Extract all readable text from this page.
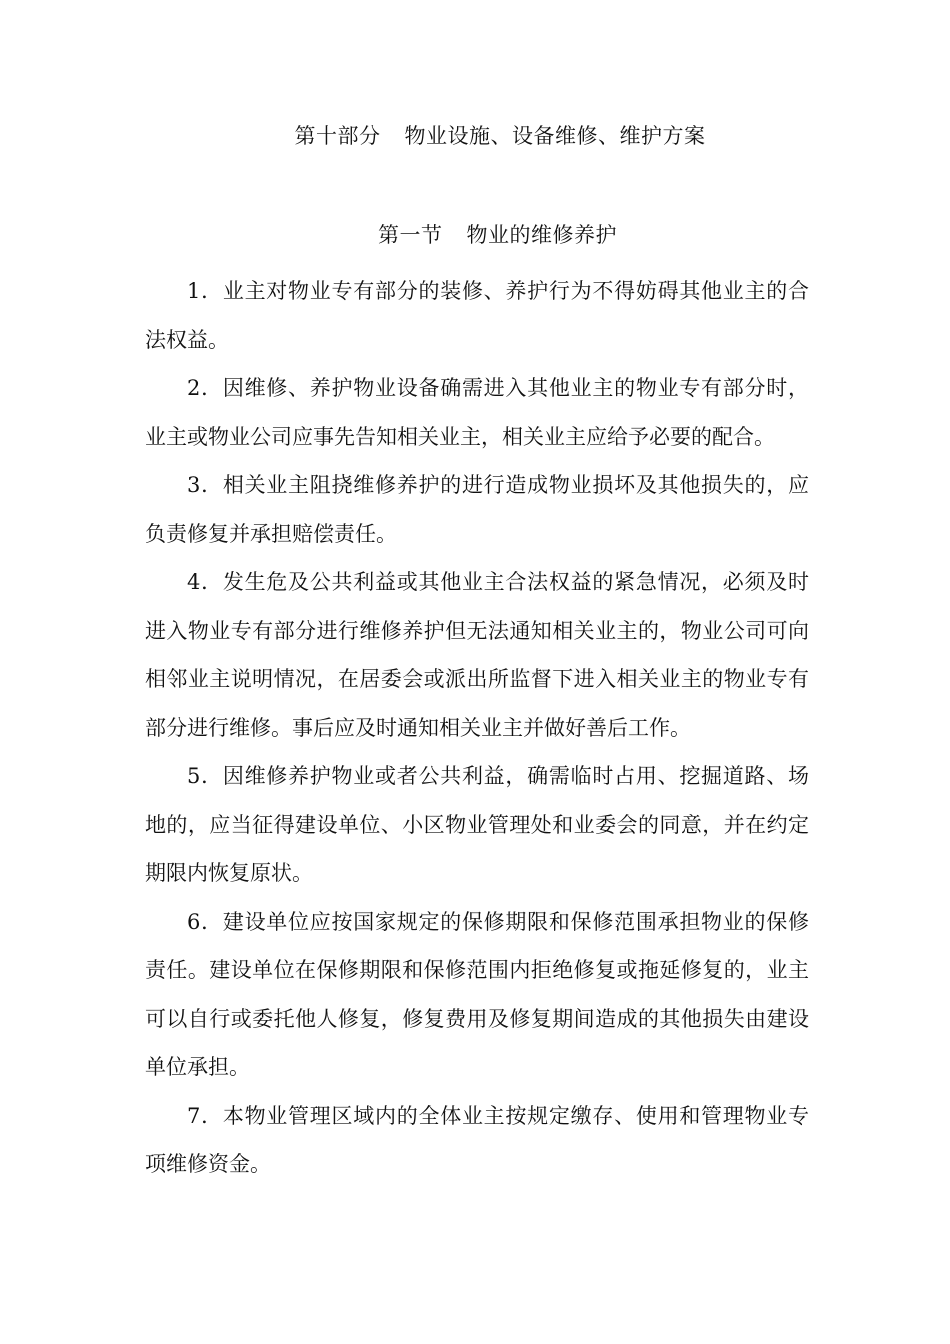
第十部分 物业设施、设备维修、维护方案
第一节 物业的维修养护

1．业主对物业专有部分的装修、养护行为不得妨碍其他业主的合法权益。

2．因维修、养护物业设备确需进入其他业主的物业专有部分时，业主或物业公司应事先告知相关业主，相关业主应给予必要的配合。

3．相关业主阻挠维修养护的进行造成物业损坏及其他损失的，应负责修复并承担赔偿责任。

4．发生危及公共利益或其他业主合法权益的紧急情况，必须及时进入物业专有部分进行维修养护但无法通知相关业主的，物业公司可向相邻业主说明情况，在居委会或派出所监督下进入相关业主的物业专有部分进行维修。事后应及时通知相关业主并做好善后工作。

5．因维修养护物业或者公共利益，确需临时占用、挖掘道路、场地的，应当征得建设单位、小区物业管理处和业委会的同意，并在约定期限内恢复原状。

6．建设单位应按国家规定的保修期限和保修范围承担物业的保修责任。建设单位在保修期限和保修范围内拒绝修复或拖延修复的，业主可以自行或委托他人修复，修复费用及修复期间造成的其他损失由建设单位承担。

7．本物业管理区域内的全体业主按规定缴存、使用和管理物业专项维修资金。
